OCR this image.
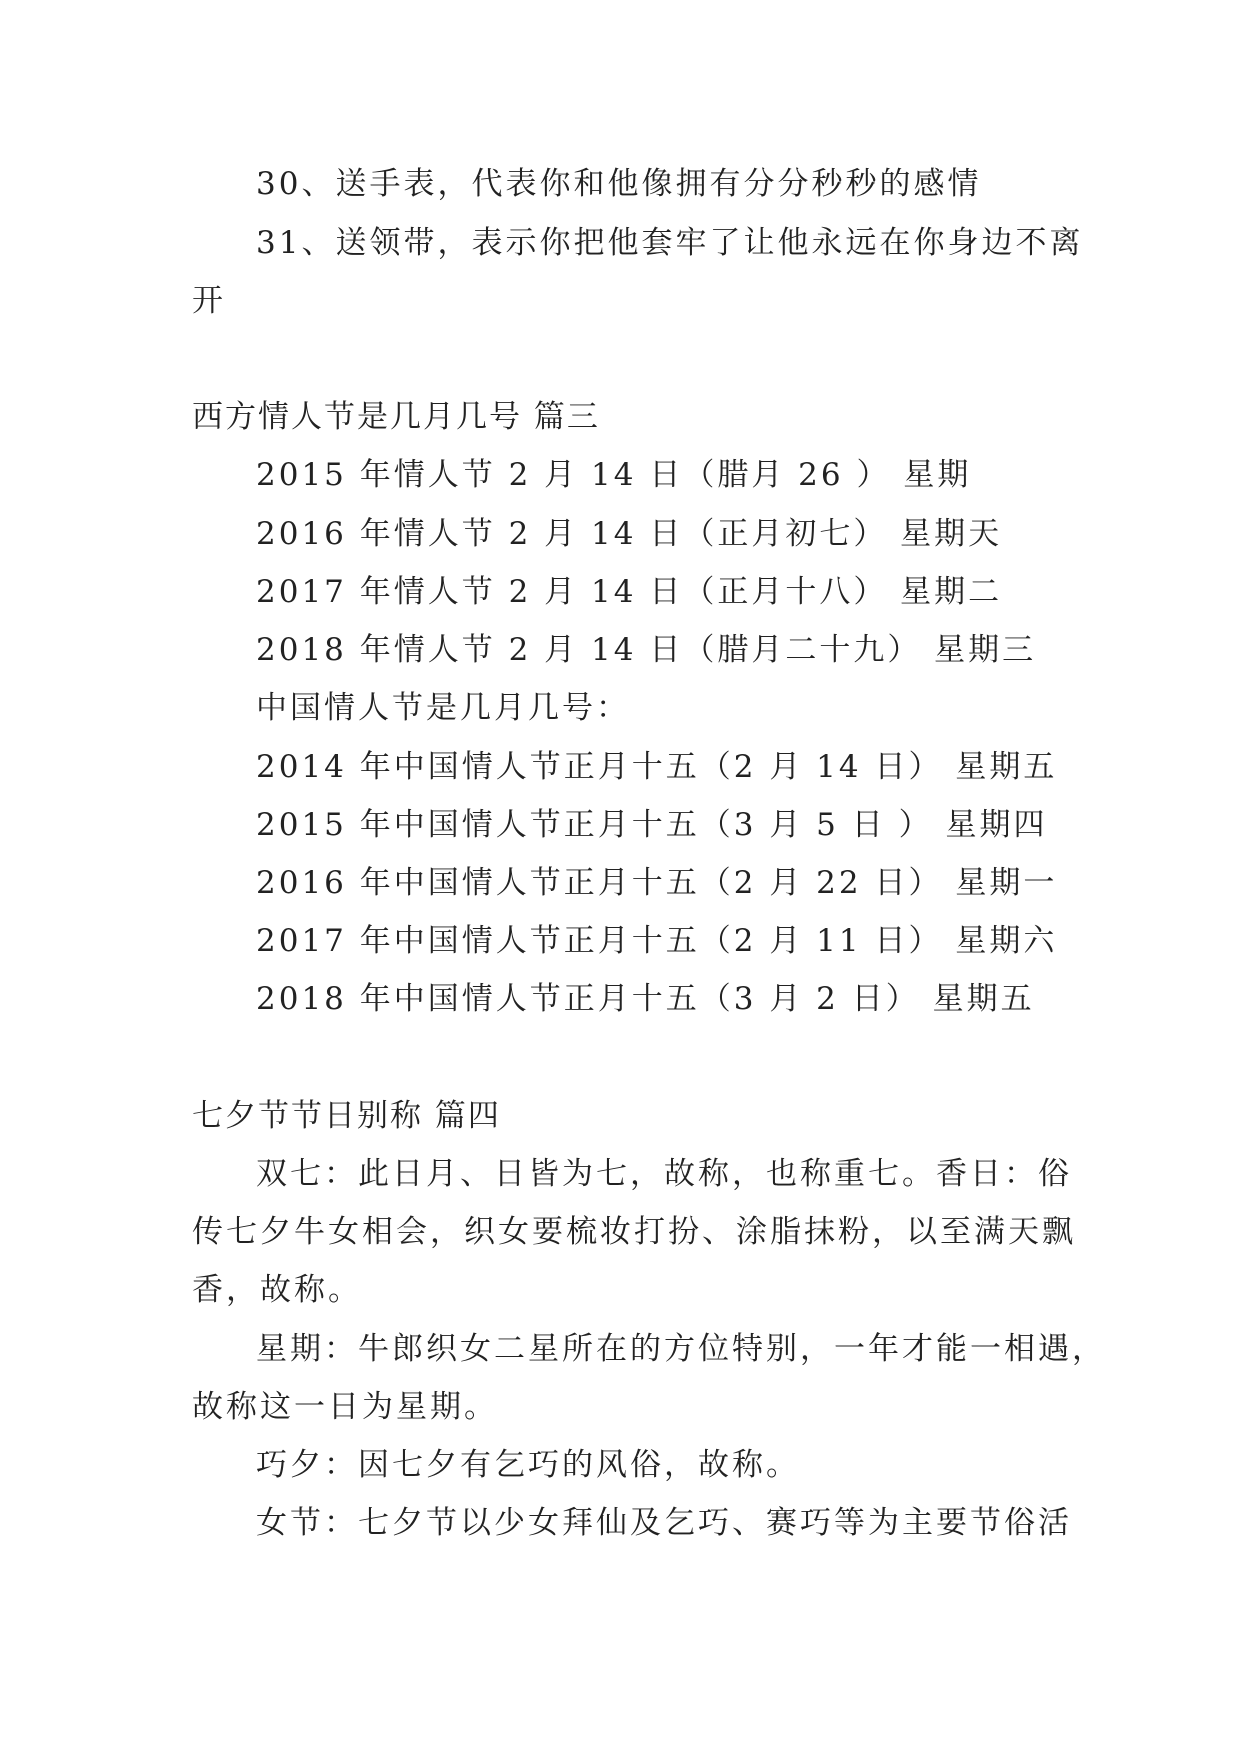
30、送手表，代表你和他像拥有分分秒秒的感情
31、送领带，表示你把他套牢了让他永远在你身边不离
开
西方情人节是几月几号 篇三
2015 年情人节 2 月 14 日（腊月 26 ） 星期
2016 年情人节 2 月 14 日（正月初七） 星期天
2017 年情人节 2 月 14 日（正月十八） 星期二
2018 年情人节 2 月 14 日（腊月二十九） 星期三
中国情人节是几月几号：
2014 年中国情人节正月十五（2 月 14 日） 星期五
2015 年中国情人节正月十五（3 月 5 日 ） 星期四
2016 年中国情人节正月十五（2 月 22 日） 星期一
2017 年中国情人节正月十五（2 月 11 日） 星期六
2018 年中国情人节正月十五（3 月 2 日） 星期五
七夕节节日别称 篇四
双七：此日月、日皆为七，故称，也称重七。香日：俗
传七夕牛女相会，织女要梳妆打扮、涂脂抹粉，以至满天飘
香，故称。
星期：牛郎织女二星所在的方位特别，一年才能一相遇，
故称这一日为星期。
巧夕：因七夕有乞巧的风俗，故称。
女节：七夕节以少女拜仙及乞巧、赛巧等为主要节俗活
